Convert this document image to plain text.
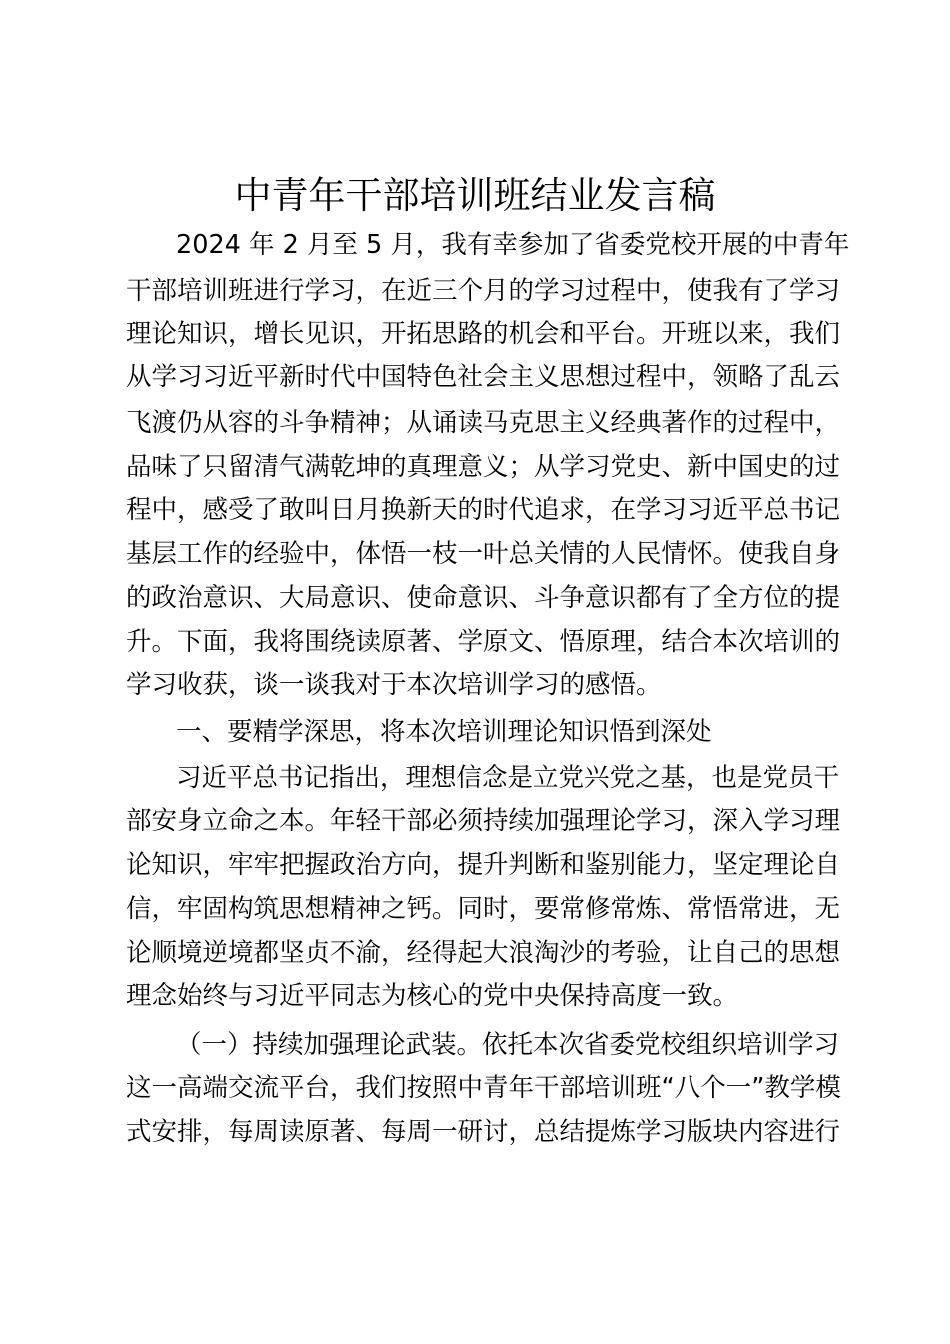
中青年干部培训班结业发言稿

2024 年 2 月至 5 月，我有幸参加了省委党校开展的中青年

干部培训班进行学习，在近三个月的学习过程中，使我有了学习

理论知识，增长见识，开拓思路的机会和平台。开班以来，我们

从学习习近平新时代中国特色社会主义思想过程中，领略了乱云

飞渡仍从容的斗争精神；从诵读马克思主义经典著作的过程中，

品味了只留清气满乾坤的真理意义；从学习党史、新中国史的过

程中，感受了敢叫日月换新天的时代追求，在学习习近平总书记

基层工作的经验中，体悟一枝一叶总关情的人民情怀。使我自身

的政治意识、大局意识、使命意识、斗争意识都有了全方位的提

升。下面，我将围绕读原著、学原文、悟原理，结合本次培训的

学习收获，谈一谈我对于本次培训学习的感悟。

一、要精学深思，将本次培训理论知识悟到深处

习近平总书记指出，理想信念是立党兴党之基，也是党员干

部安身立命之本。年轻干部必须持续加强理论学习，深入学习理

论知识，牢牢把握政治方向，提升判断和鉴别能力，坚定理论自

信，牢固构筑思想精神之钙。同时，要常修常炼、常悟常进，无

论顺境逆境都坚贞不渝，经得起大浪淘沙的考验，让自己的思想

理念始终与习近平同志为核心的党中央保持高度一致。

（一）持续加强理论武装。依托本次省委党校组织培训学习

这一高端交流平台，我们按照中青年干部培训班“八个一”教学模

式安排，每周读原著、每周一研讨，总结提炼学习版块内容进行
